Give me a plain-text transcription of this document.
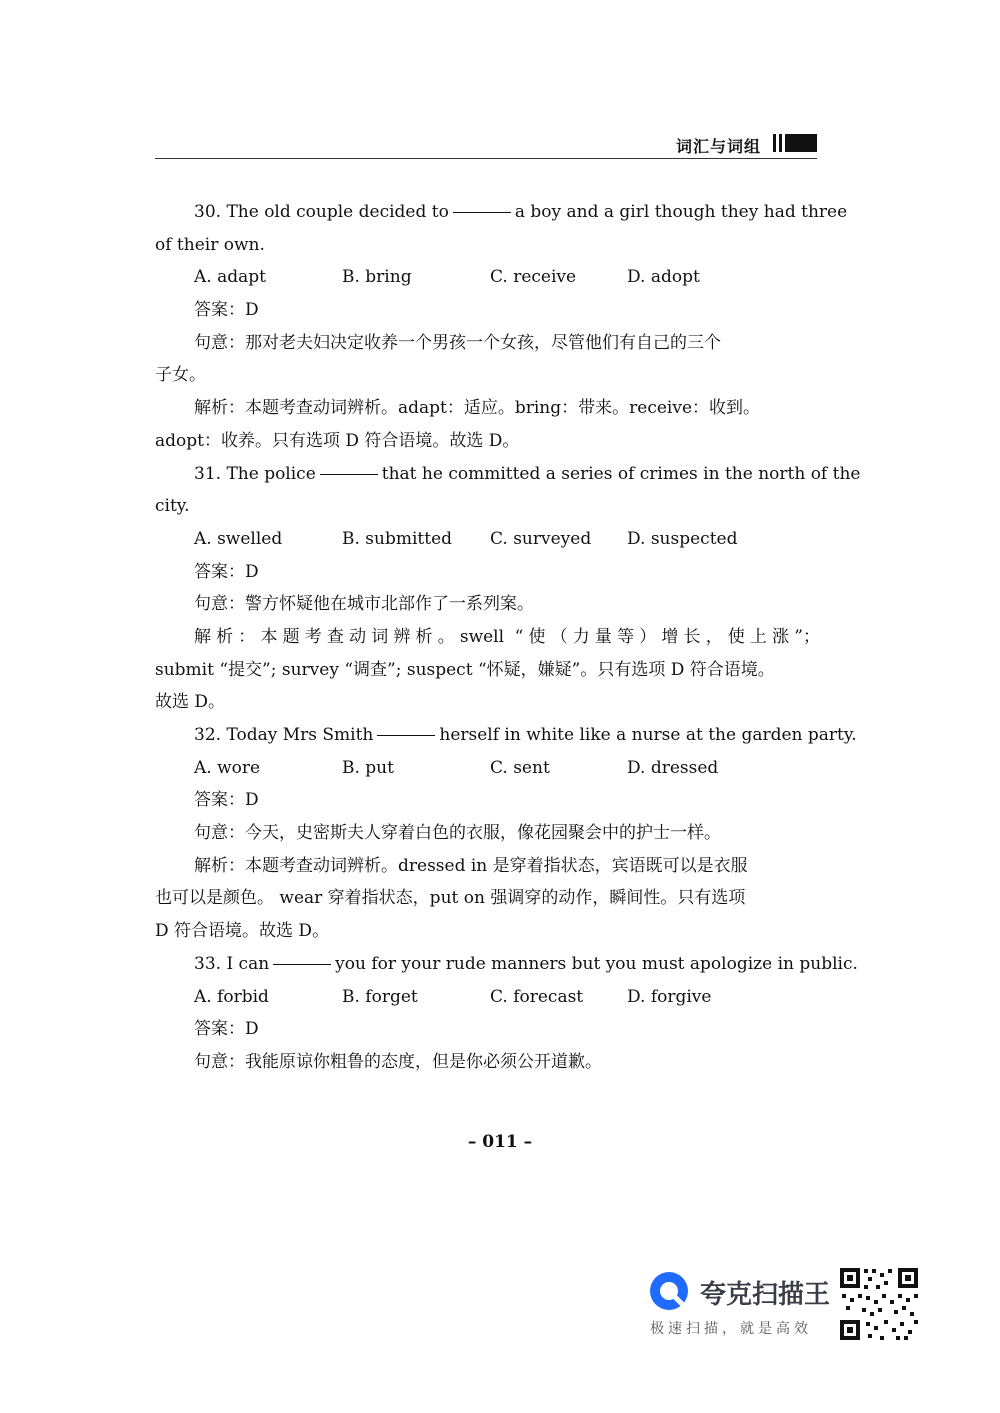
词汇与词组
30. The old couple decided to	a boy and a girl though they had three
of their own.
A. adapt	B. bring	C. receive	D. adopt
答案：D
句意：那对老夫妇决定收养一个男孩一个女孩，尽管他们有自己的三个
子女。
解析：本题考查动词辨析。adapt：适应。bring：带来。receive：收到。
adopt：收养。只有选项 D 符合语境。故选 D。
31. The police	that he committed a series of crimes in the north of the
city.
A. swelled	B. submitted	C. surveyed	D. suspected
答案：D
句意：警方怀疑他在城市北部作了一系列案。
解析：本题考查动词辨析。swell “使（力量等）增长，使上涨”；
submit “提交”; survey “调查”; suspect “怀疑，嫌疑”。只有选项 D 符合语境。
故选 D。
32. Today Mrs Smith	herself in white like a nurse at the garden party.
A. wore	B. put	C. sent	D. dressed
答案：D
句意：今天，史密斯夫人穿着白色的衣服，像花园聚会中的护士一样。
解析：本题考查动词辨析。dressed in 是穿着指状态，宾语既可以是衣服
也可以是颜色。 wear 穿着指状态，put on 强调穿的动作，瞬间性。只有选项
D 符合语境。故选 D。
33. I can	you for your rude manners but you must apologize in public.
A. forbid	B. forget	C. forecast	D. forgive
答案：D
句意：我能原谅你粗鲁的态度，但是你必须公开道歉。
– 011 –
夸克扫描王
极速扫描，就是高效
